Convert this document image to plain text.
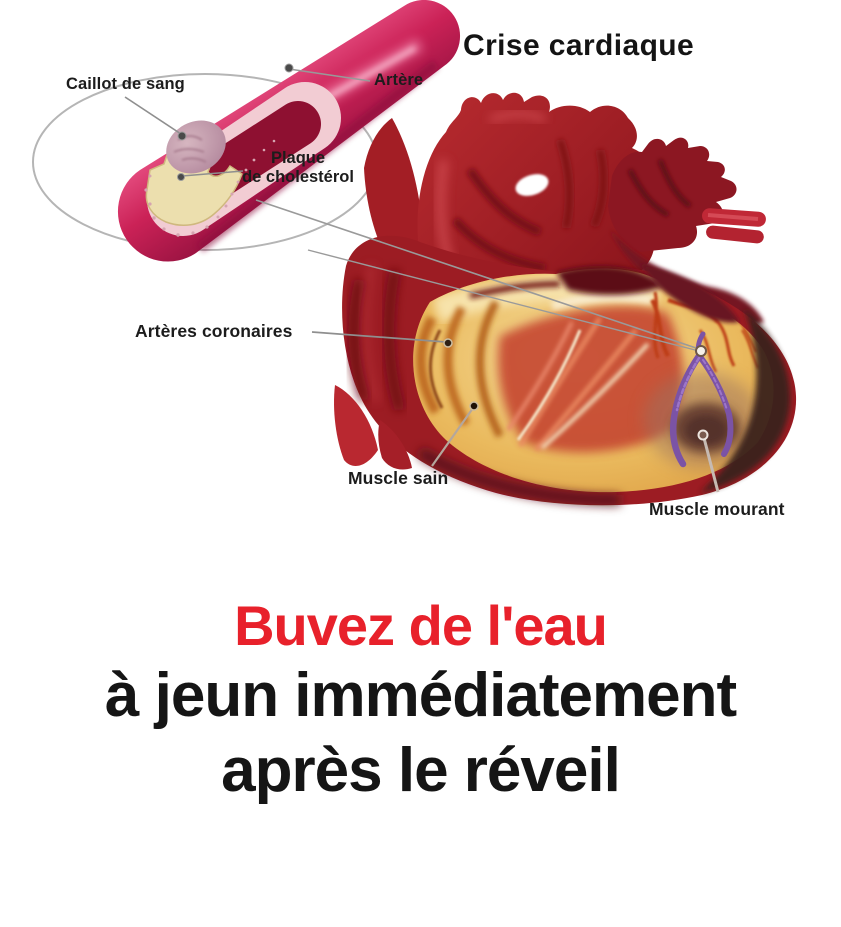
Crise cardiaque
Caillot de sang	Artère
Plaque
de cholestérol
Artères coronaires
Muscle sain
Muscle mourant
Buvez de l'eau
à jeun immédiatement
après le réveil
